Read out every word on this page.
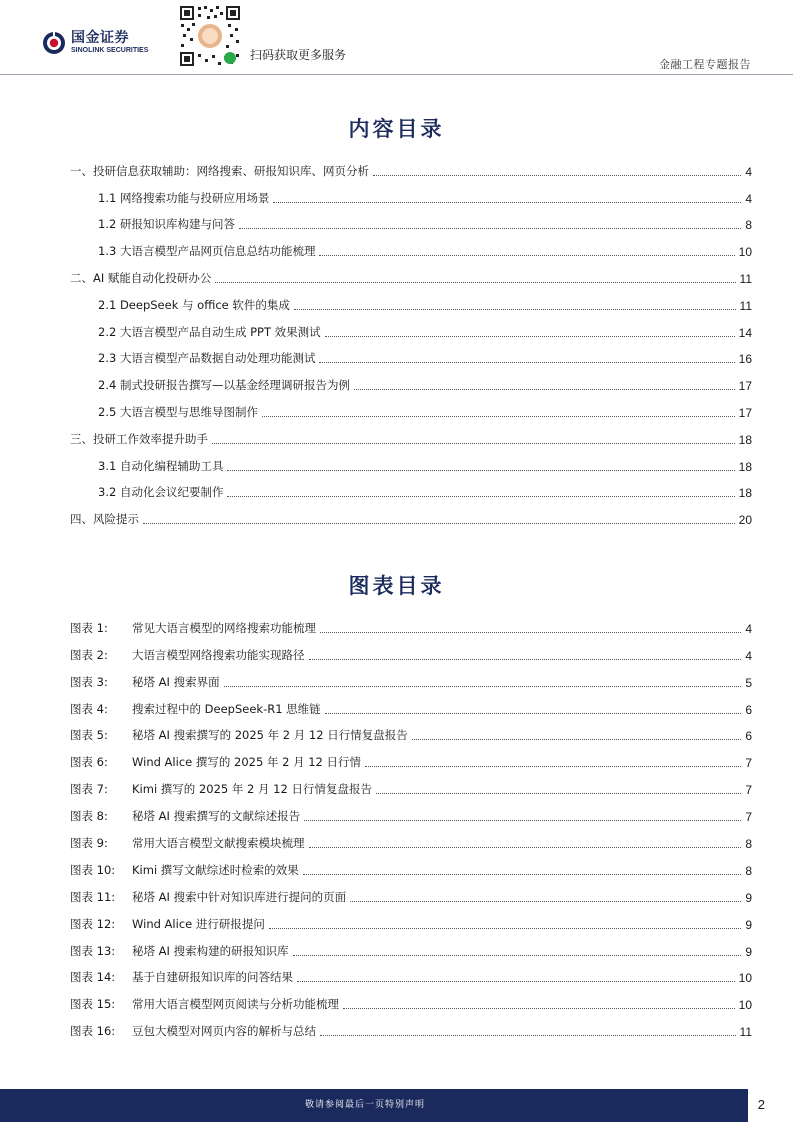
国金证券
SINOLINK SECURITIES	扫码获取更多服务
金融工程专题报告
内容目录
一、投研信息获取辅助：网络搜索、研报知识库、网页分析	4
1.1 网络搜索功能与投研应用场景	4
1.2 研报知识库构建与问答	8
1.3 大语言模型产品网页信息总结功能梳理	10
二、AI 赋能自动化投研办公	11
2.1 DeepSeek 与 office 软件的集成	11
2.2 大语言模型产品自动生成 PPT 效果测试	14
2.3 大语言模型产品数据自动处理功能测试	16
2.4 制式投研报告撰写—以基金经理调研报告为例	17
2.5 大语言模型与思维导图制作	17
三、投研工作效率提升助手	18
3.1 自动化编程辅助工具	18
3.2 自动化会议纪要制作	18
四、风险提示	20
图表目录
图表 1: 常见大语言模型的网络搜索功能梳理	4
图表 2: 大语言模型网络搜索功能实现路径	4
图表 3: 秘塔 AI 搜索界面	5
图表 4: 搜索过程中的 DeepSeek-R1 思维链	6
图表 5: 秘塔 AI 搜索撰写的 2025 年 2 月 12 日行情复盘报告	6
图表 6: Wind Alice 撰写的 2025 年 2 月 12 日行情	7
图表 7: Kimi 撰写的 2025 年 2 月 12 日行情复盘报告	7
图表 8: 秘塔 AI 搜索撰写的文献综述报告	7
图表 9: 常用大语言模型文献搜索模块梳理	8
图表 10: Kimi 撰写文献综述时检索的效果	8
图表 11: 秘塔 AI 搜索中针对知识库进行提问的页面	9
图表 12: Wind Alice 进行研报提问	9
图表 13: 秘塔 AI 搜索构建的研报知识库	9
图表 14: 基于自建研报知识库的问答结果	10
图表 15: 常用大语言模型网页阅读与分析功能梳理	10
图表 16: 豆包大模型对网页内容的解析与总结	11
敬请参阅最后一页特别声明	2
